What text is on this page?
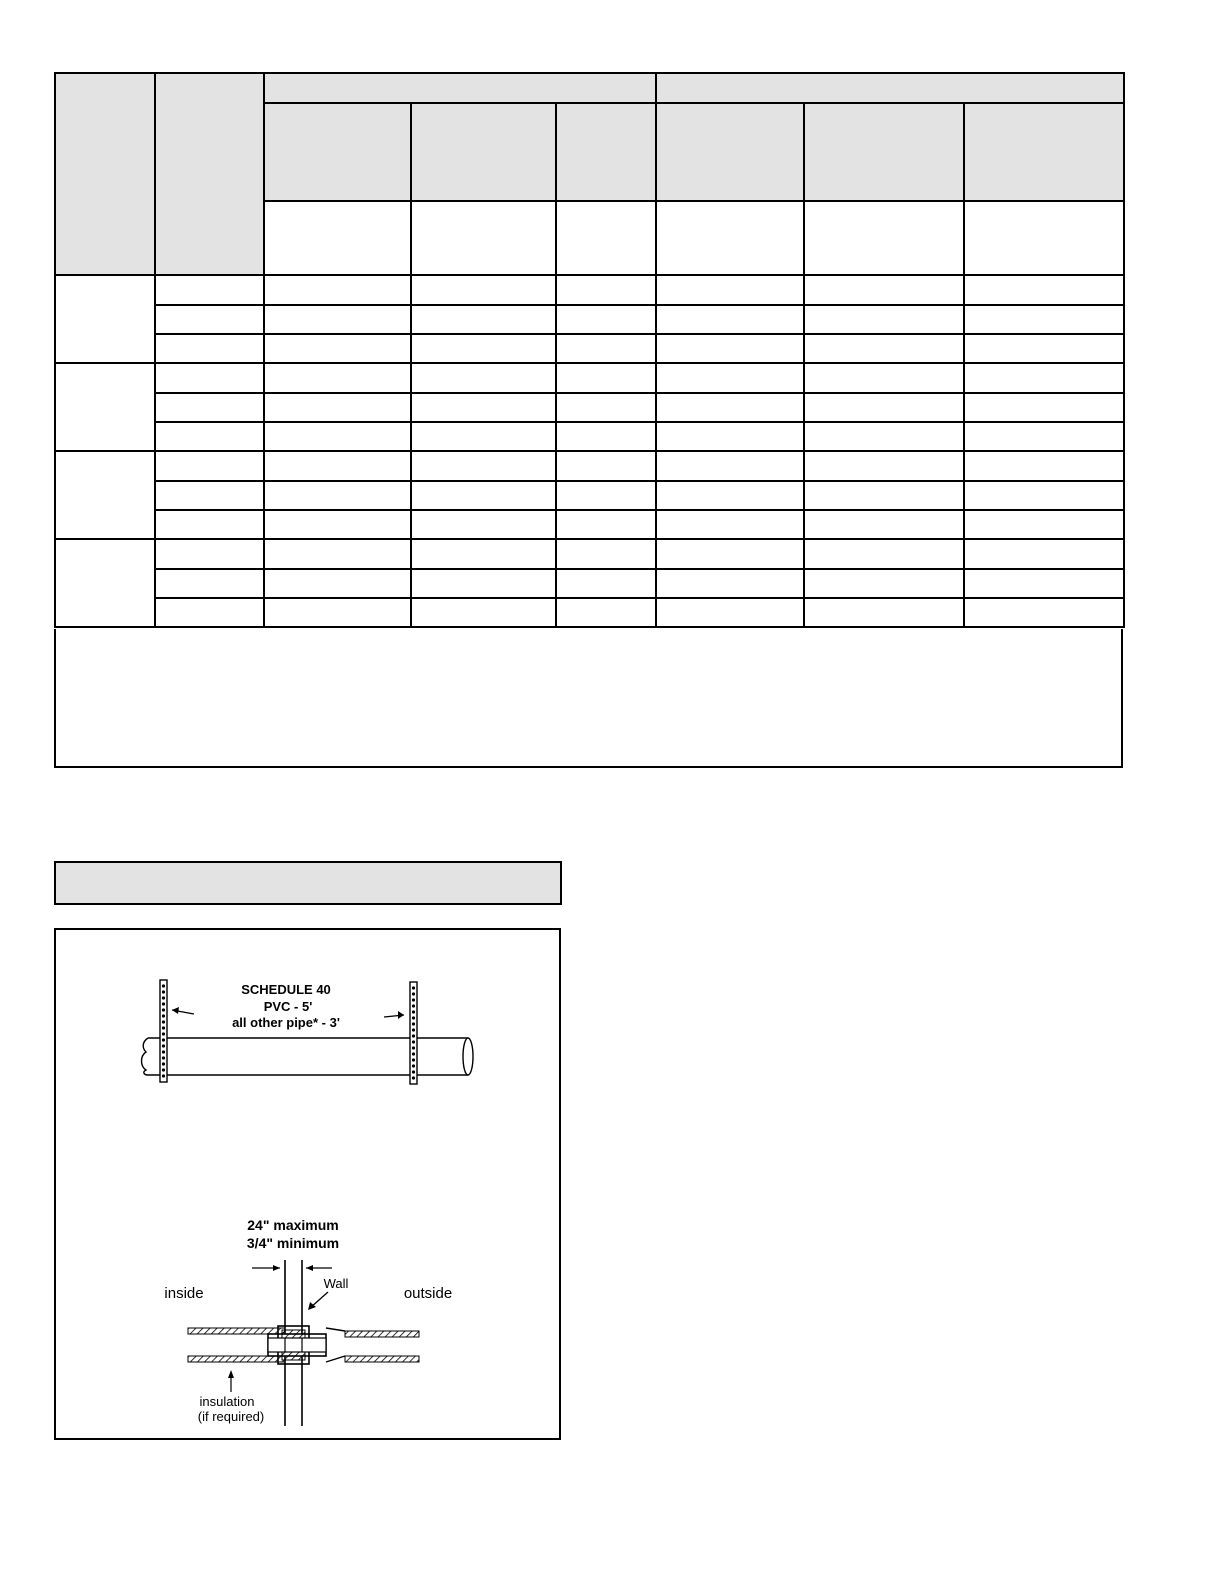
SCHEDULE 40
PVC - 5'
all other pipe* - 3'
24" maximum
3/4" minimum
Wall
inside	outside
insulation
(if required)
